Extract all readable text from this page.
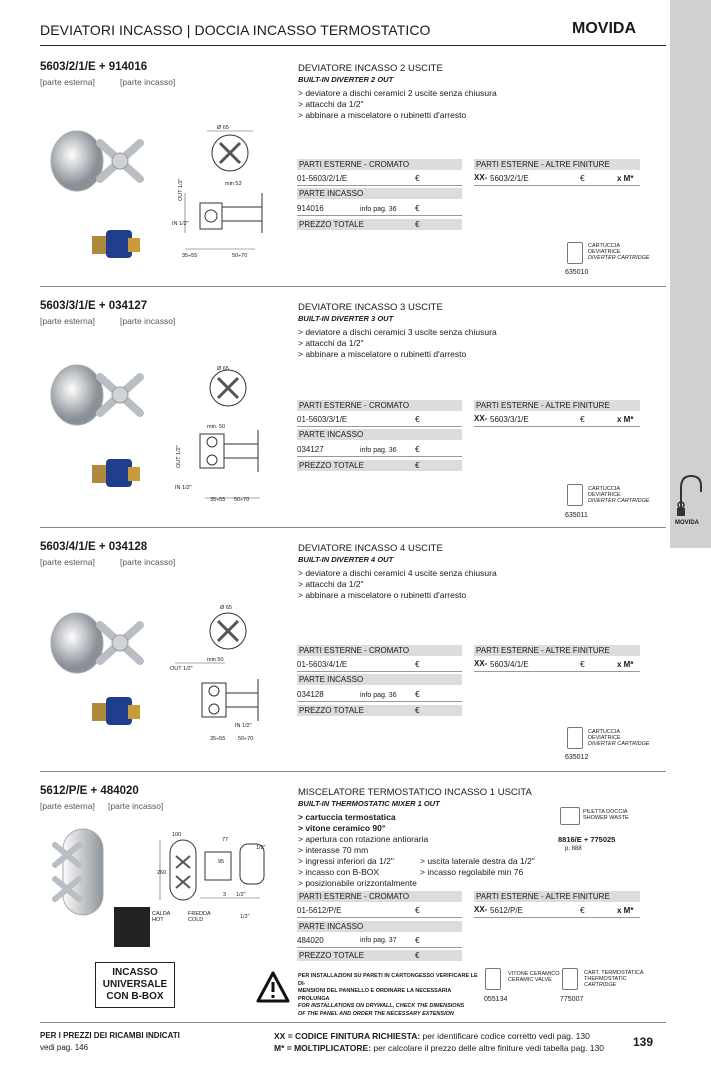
DEVIATORI INCASSO | DOCCIA INCASSO TERMOSTATICO	MOVIDA
MOVIDA
5603/2/1/E + 914016
[parte esterna]	[parte incasso]
DEVIATORE INCASSO 2 USCITE
BUILT-IN DIVERTER 2 OUT
> deviatore a dischi ceramici 2 uscite senza chiusura
> attacchi da 1/2"
> abbinare a miscelatore o rubinetti d'arresto
Ø 65
min 53
IN 1/2"
35÷55	50÷70
OUT 1/2"
PARTI ESTERNE - CROMATO	PARTI ESTERNE - ALTRE FINITURE
01-5603/2/1/E	€	XX- 5603/2/1/E	€	x M*
PARTE INCASSO
914016	info pag. 36 €
PREZZO TOTALE	€
CARTUCCIA
DEVIATRICE
DIVERTER CARTRIDGE
635010
5603/3/1/E + 034127
[parte esterna]	[parte incasso]
DEVIATORE INCASSO 3 USCITE
BUILT-IN DIVERTER 3 OUT
> deviatore a dischi ceramici 3 uscite senza chiusura
> attacchi da 1/2"
> abbinare a miscelatore o rubinetti d'arresto
Ø 65
min. 50
IN 1/2"
35÷55 50÷70
OUT 1/2"
PARTI ESTERNE - CROMATO	PARTI ESTERNE - ALTRE FINITURE
01-5603/3/1/E	€	XX- 5603/3/1/E	€	x M*
PARTE INCASSO
034127	info pag. 36 €
PREZZO TOTALE	€
CARTUCCIA
DEVIATRICE
DIVERTER CARTRIDGE
635011
5603/4/1/E + 034128
[parte esterna]	[parte incasso]
DEVIATORE INCASSO 4 USCITE
BUILT-IN DIVERTER 4 OUT
> deviatore a dischi ceramici 4 uscite senza chiusura
> attacchi da 1/2"
> abbinare a miscelatore o rubinetti d'arresto
Ø 65
min 50
OUT 1/2"
IN 1/2"
35÷55 50÷70
PARTI ESTERNE - CROMATO	PARTI ESTERNE - ALTRE FINITURE
01-5603/4/1/E	€	XX- 5603/4/1/E	€	x M*
PARTE INCASSO
034128	info pag. 36 €
PREZZO TOTALE	€
CARTUCCIA
DEVIATRICE
DIVERTER CARTRIDGE
635012
5612/P/E + 484020
[parte esterna] [parte incasso]
MISCELATORE TERMOSTATICO INCASSO 1 USCITA
BUILT-IN THERMOSTATIC MIXER 1 OUT
> cartuccia termostatica
> vitone ceramico 90°
> apertura con rotazione antioraria
> interasse 70 mm
> ingressi inferiori da 1/2"
> incasso con B-BOX
> posizionabile orizzontalmente
> uscita laterale destra da 1/2"
> incasso regolabile min 76
PILETTA DOCCIA
SHOWER WASTE
8816/E + 775025
p. 888
100
260
77
95
1/2"
3 1/2"
1/2"
CALDA HOT
FREDDA COLD
PARTI ESTERNE - CROMATO	PARTI ESTERNE - ALTRE FINITURE
01-5612/P/E	€	XX- 5612/P/E	€	x M*
PARTE INCASSO
484020	info pag. 37 €
PREZZO TOTALE	€
VITONE CERAMICO
CERAMIC VALVE
055134
CART. TERMOSTATICA
THERMOSTATIC
CARTRIDGE
775007
INCASSO
UNIVERSALE
CON B-BOX
PER INSTALLAZIONI SU PARETI IN CARTONGESSO VERIFICARE LE DI-
MENSIONI DEL PANNELLO E ORDINARE LA NECESSARIA PROLUNGA
FOR INSTALLATIONS ON DRYWALL, CHECK THE DIMENSIONS
OF THE PANEL AND ORDER THE NECESSARY EXTENSION
PER I PREZZI DEI RICAMBI INDICATI
vedi pag. 146
XX = CODICE FINITURA RICHIESTA: per identificare codice corretto vedi pag. 130
M* = MOLTIPLICATORE: per calcolare il prezzo delle altre finiture vedi tabella pag. 130 139
